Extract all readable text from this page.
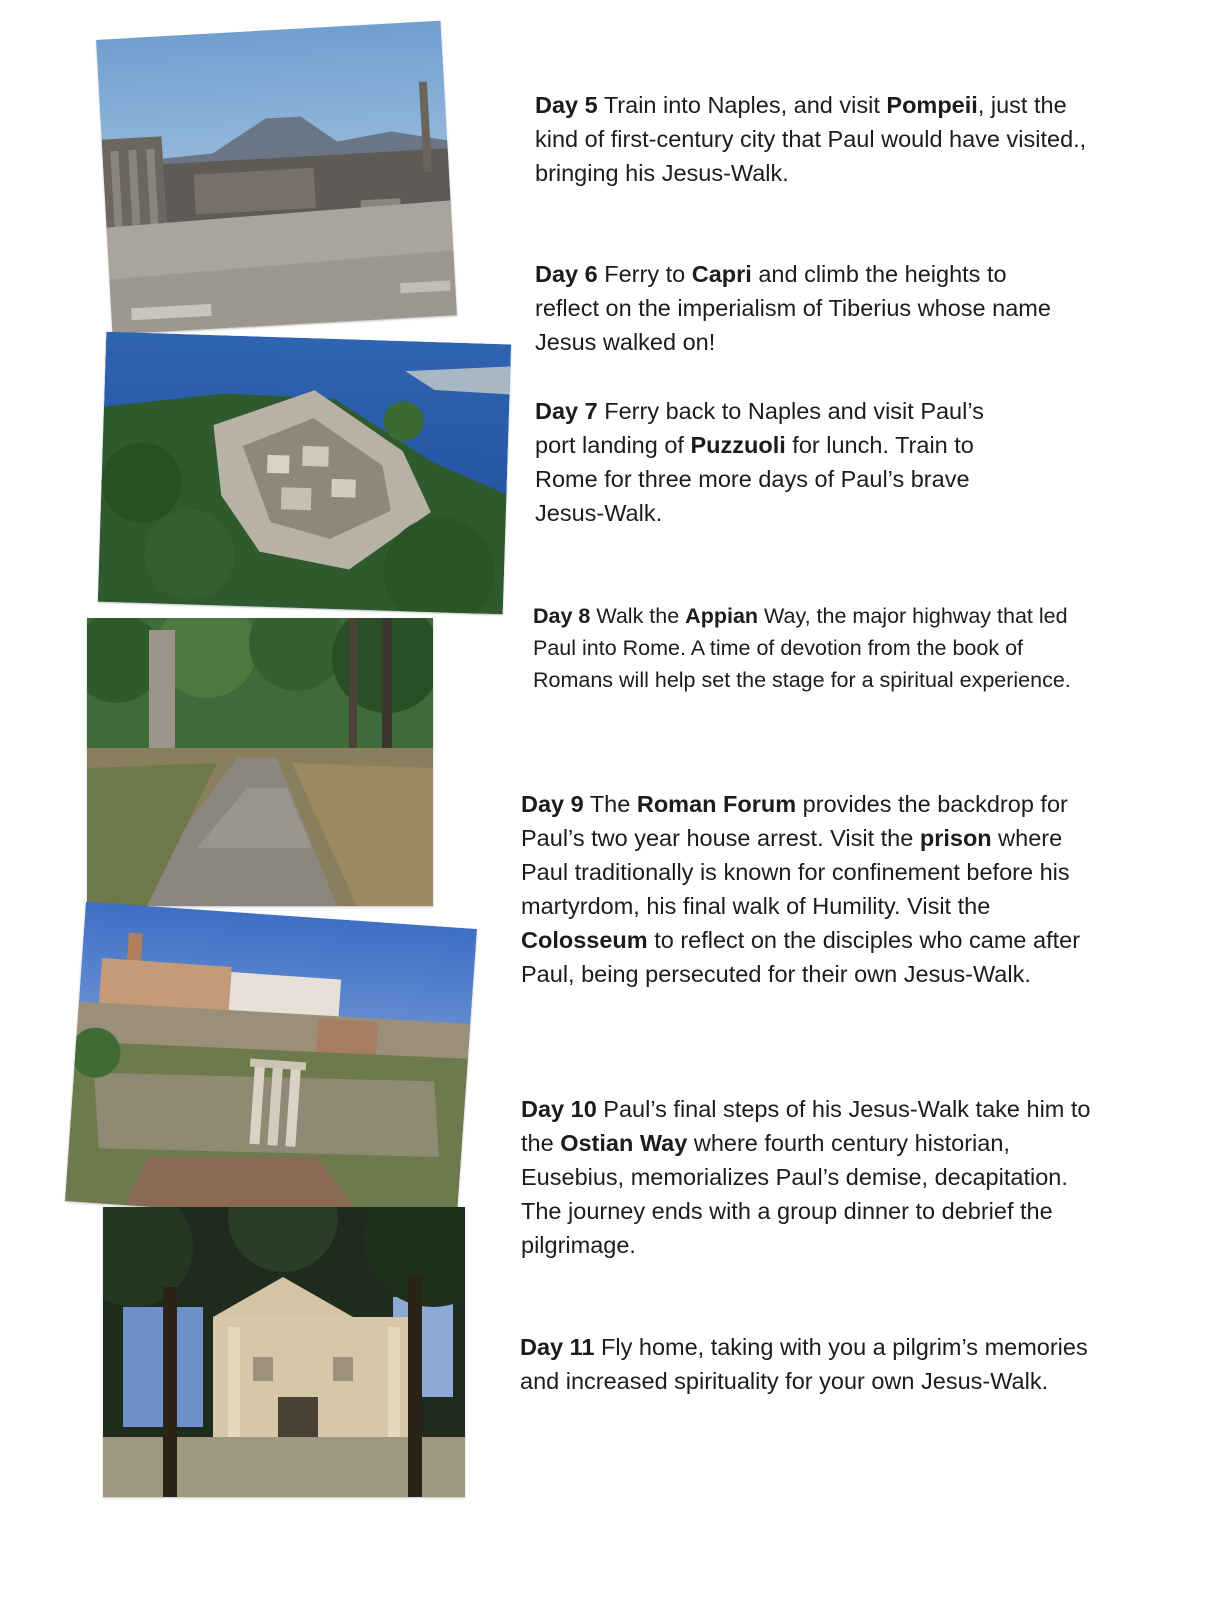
Day 5 Train into Naples, and visit Pompeii, just the kind of first-century city that Paul would have visited., bringing his Jesus-Walk.
Day 6 Ferry to Capri and climb the heights to reflect on the imperialism of Tiberius whose name Jesus walked on!
Day 7 Ferry back to Naples and visit Paul’s port landing of Puzzuoli for lunch. Train to Rome for three more days of Paul’s brave Jesus-Walk.
Day 8 Walk the Appian Way, the major highway that led Paul into Rome. A time of devotion from the book of Romans will help set the stage for a spiritual experience.
Day 9 The Roman Forum provides the backdrop for Paul’s two year house arrest. Visit the prison where Paul traditionally is known for confinement before his martyrdom, his final walk of Humility. Visit the Colosseum to reflect on the disciples who came after Paul, being persecuted for their own Jesus-Walk.
Day 10 Paul’s final steps of his Jesus-Walk take him to the Ostian Way where fourth century historian, Eusebius, memorializes Paul’s demise, decapitation. The journey ends with a group dinner to debrief the pilgrimage.
Day 11 Fly home, taking with you a pilgrim’s memories and increased spirituality for your own Jesus-Walk.
